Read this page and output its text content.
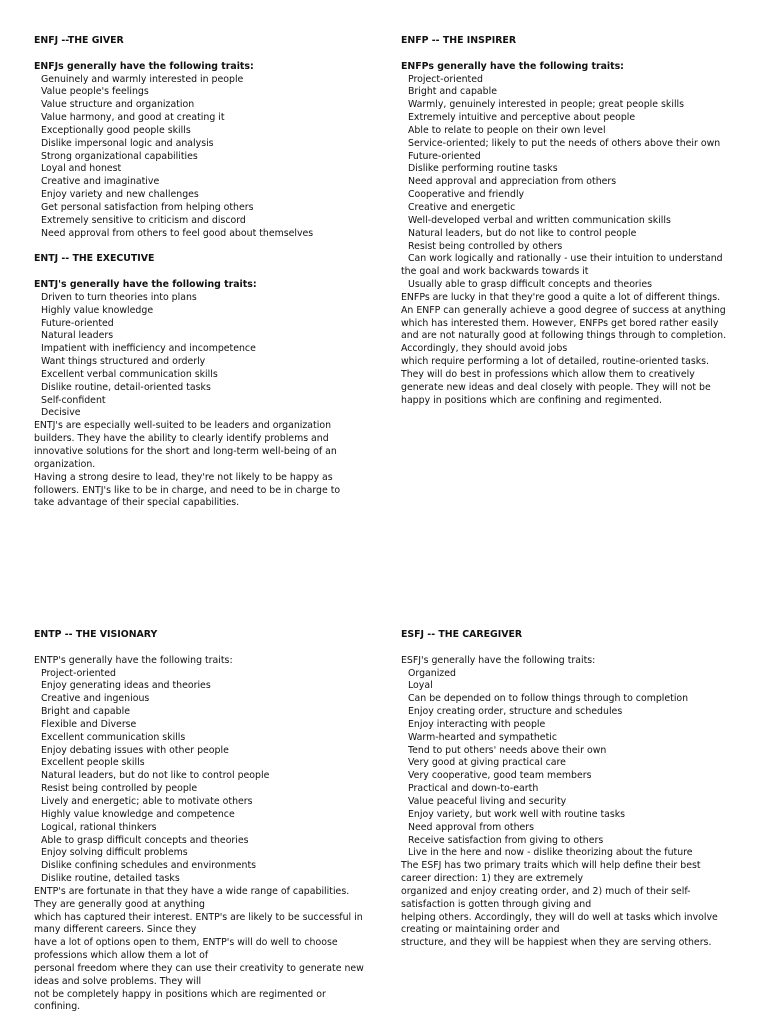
ENFJ --THE GIVER

ENFJs generally have the following traits:

Genuinely and warmly interested in people

Value people's feelings

Value structure and organization

Value harmony, and good at creating it

Exceptionally good people skills

Dislike impersonal logic and analysis

Strong organizational capabilities

Loyal and honest

Creative and imaginative

Enjoy variety and new challenges

Get personal satisfaction from helping others

Extremely sensitive to criticism and discord

Need approval from others to feel good about themselves

ENTJ -- THE EXECUTIVE

ENTJ's generally have the following traits:

Driven to turn theories into plans

Highly value knowledge

Future-oriented

Natural leaders

Impatient with inefficiency and incompetence

Want things structured and orderly

Excellent verbal communication skills

Dislike routine, detail-oriented tasks

Self-confident

Decisive

ENTJ's are especially well-suited to be leaders and organization

builders. They have the ability to clearly identify problems and

innovative solutions for the short and long-term well-being of an

organization.

Having a strong desire to lead, they're not likely to be happy as

followers. ENTJ's like to be in charge, and need to be in charge to

take advantage of their special capabilities.

ENFP -- THE INSPIRER

ENFPs generally have the following traits:

Project-oriented

Bright and capable

Warmly, genuinely interested in people; great people skills

Extremely intuitive and perceptive about people

Able to relate to people on their own level

Service-oriented; likely to put the needs of others above their own

Future-oriented

Dislike performing routine tasks

Need approval and appreciation from others

Cooperative and friendly

Creative and energetic

Well-developed verbal and written communication skills

Natural leaders, but do not like to control people

Resist being controlled by others

Can work logically and rationally - use their intuition to understand

the goal and work backwards towards it

Usually able to grasp difficult concepts and theories

ENFPs are lucky in that they're good a quite a lot of different things.

An ENFP can generally achieve a good degree of success at anything

which has interested them. However, ENFPs get bored rather easily

and are not naturally good at following things through to completion.

Accordingly, they should avoid jobs

which require performing a lot of detailed, routine-oriented tasks.

They will do best in professions which allow them to creatively

generate new ideas and deal closely with people. They will not be

happy in positions which are confining and regimented.

ENTP -- THE VISIONARY

ENTP's generally have the following traits:

Project-oriented

Enjoy generating ideas and theories

Creative and ingenious

Bright and capable

Flexible and Diverse

Excellent communication skills

Enjoy debating issues with other people

Excellent people skills

Natural leaders, but do not like to control people

Resist being controlled by people

Lively and energetic; able to motivate others

Highly value knowledge and competence

Logical, rational thinkers

Able to grasp difficult concepts and theories

Enjoy solving difficult problems

Dislike confining schedules and environments

Dislike routine, detailed tasks

ENTP's are fortunate in that they have a wide range of capabilities.

They are generally good at anything

which has captured their interest. ENTP's are likely to be successful in

many different careers. Since they

have a lot of options open to them, ENTP's will do well to choose

professions which allow them a lot of

personal freedom where they can use their creativity to generate new

ideas and solve problems. They will

not be completely happy in positions which are regimented or

confining.

ESFJ -- THE CAREGIVER

ESFJ's generally have the following traits:

Organized

Loyal

Can be depended on to follow things through to completion

Enjoy creating order, structure and schedules

Enjoy interacting with people

Warm-hearted and sympathetic

Tend to put others' needs above their own

Very good at giving practical care

Very cooperative, good team members

Practical and down-to-earth

Value peaceful living and security

Enjoy variety, but work well with routine tasks

Need approval from others

Receive satisfaction from giving to others

Live in the here and now - dislike theorizing about the future

The ESFJ has two primary traits which will help define their best

career direction: 1) they are extremely

organized and enjoy creating order, and 2) much of their self-

satisfaction is gotten through giving and

helping others. Accordingly, they will do well at tasks which involve

creating or maintaining order and

structure, and they will be happiest when they are serving others.
